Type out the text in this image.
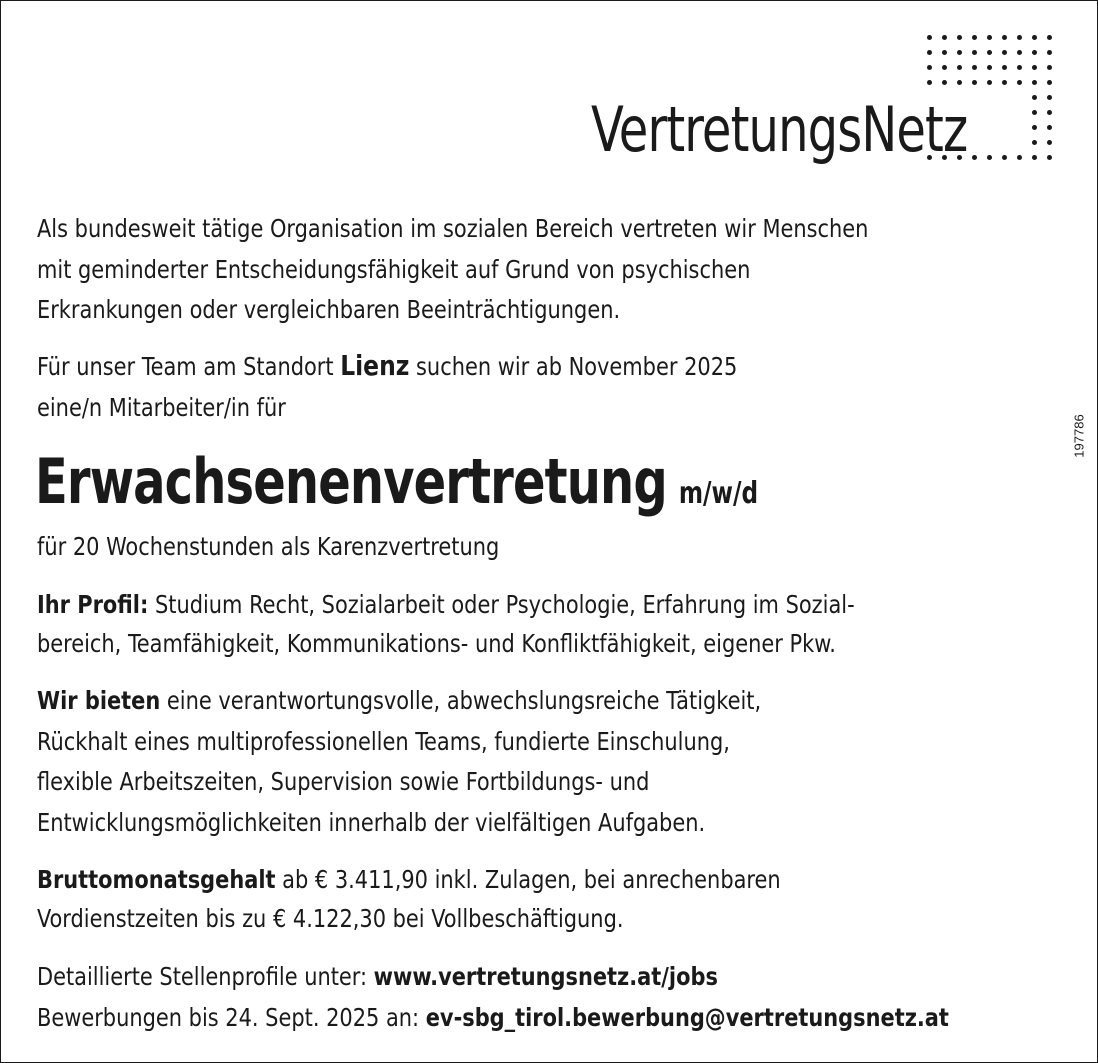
VertretungsNetz
197786
Als bundesweit tätige Organisation im sozialen Bereich vertreten wir Menschen
mit geminderter Entscheidungsfähigkeit auf Grund von psychischen
Erkrankungen oder vergleichbaren Beeinträchtigungen.
Für unser Team am Standort Lienz suchen wir ab November 2025
eine/n Mitarbeiter/in für
Erwachsenenvertretung m/w/d
für 20 Wochenstunden als Karenzvertretung
Ihr Profil: Studium Recht, Sozialarbeit oder Psychologie, Erfahrung im Sozial-
bereich, Teamfähigkeit, Kommunikations- und Konfliktfähigkeit, eigener Pkw.
Wir bieten eine verantwortungsvolle, abwechslungsreiche Tätigkeit,
Rückhalt eines multiprofessionellen Teams, fundierte Einschulung,
flexible Arbeitszeiten, Supervision sowie Fortbildungs- und
Entwicklungsmöglichkeiten innerhalb der vielfältigen Aufgaben.
Bruttomonatsgehalt ab € 3.411,90 inkl. Zulagen, bei anrechenbaren
Vordienstzeiten bis zu € 4.122,30 bei Vollbeschäftigung.
Detaillierte Stellenprofile unter: www.vertretungsnetz.at/jobs
Bewerbungen bis 24. Sept. 2025 an: ev-sbg_tirol.bewerbung@vertretungsnetz.at
